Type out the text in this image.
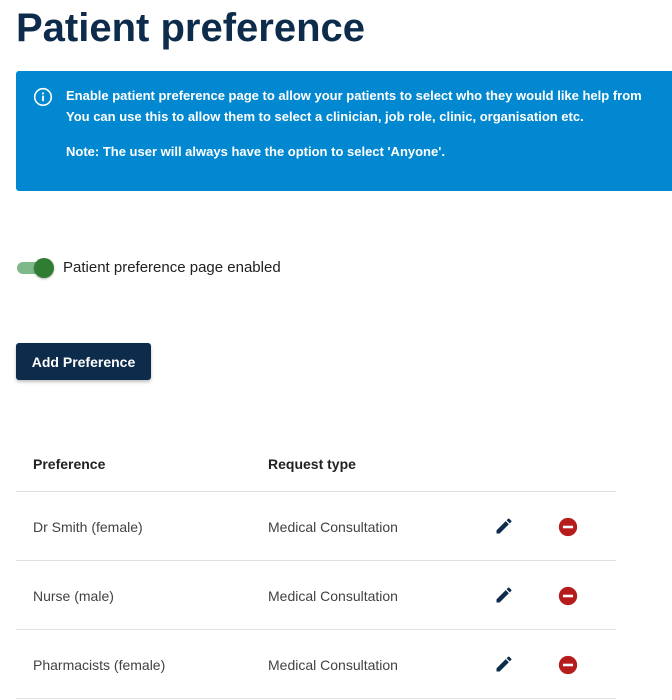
Patient preference
Enable patient preference page to allow your patients to select who they would like help from
You can use this to allow them to select a clinician, job role, clinic, organisation etc.
Note: The user will always have the option to select 'Anyone'.
Patient preference page enabled
Add Preference
Preference	Request type
Dr Smith (female)	Medical Consultation
Nurse (male)	Medical Consultation
Pharmacists (female)	Medical Consultation
